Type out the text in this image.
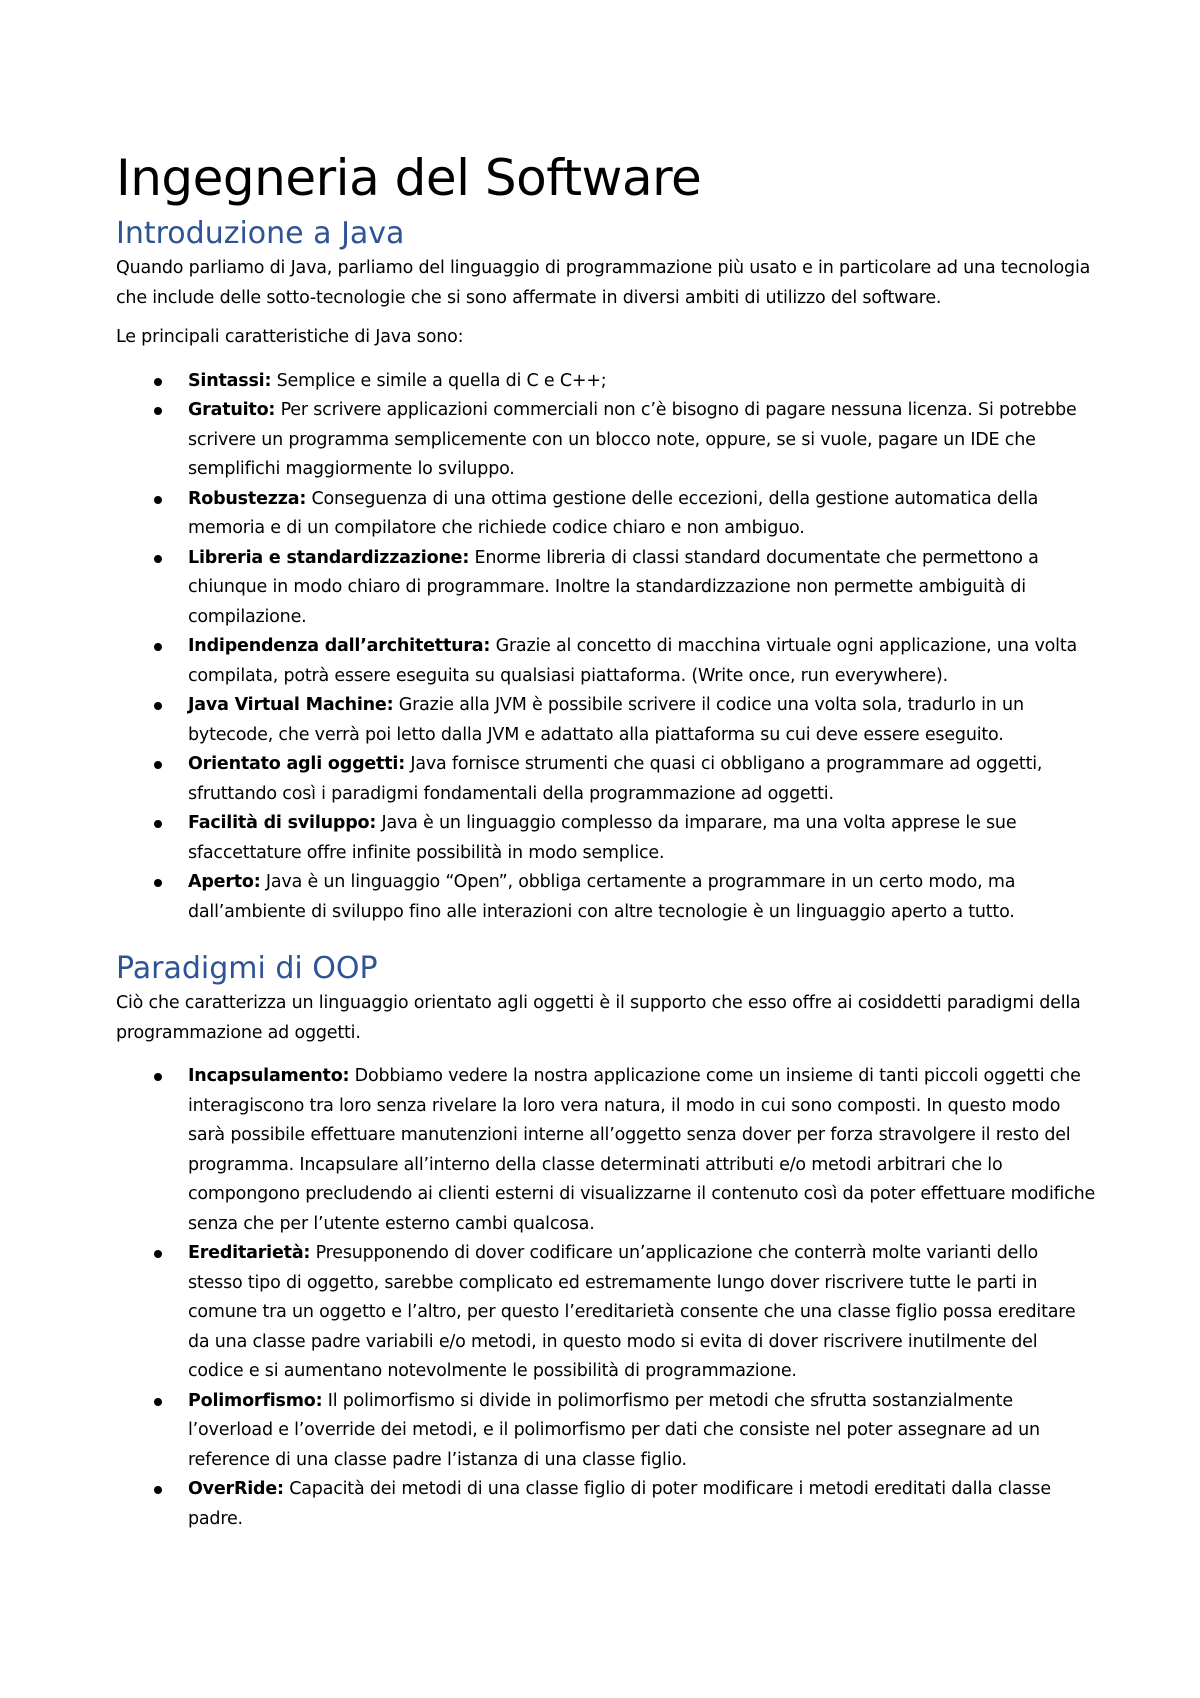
Ingegneria del Software
Introduzione a Java

Quando parliamo di Java, parliamo del linguaggio di programmazione più usato e in particolare ad una tecnologia che include delle sotto-tecnologie che si sono affermate in diversi ambiti di utilizzo del software.

Le principali caratteristiche di Java sono:

Sintassi: Semplice e simile a quella di C e C++;
Gratuito: Per scrivere applicazioni commerciali non c’è bisogno di pagare nessuna licenza. Si potrebbe scrivere un programma semplicemente con un blocco note, oppure, se si vuole, pagare un IDE che semplifichi maggiormente lo sviluppo.
Robustezza: Conseguenza di una ottima gestione delle eccezioni, della gestione automatica della memoria e di un compilatore che richiede codice chiaro e non ambiguo.
Libreria e standardizzazione: Enorme libreria di classi standard documentate che permettono a chiunque in modo chiaro di programmare. Inoltre la standardizzazione non permette ambiguità di compilazione.
Indipendenza dall’architettura: Grazie al concetto di macchina virtuale ogni applicazione, una volta compilata, potrà essere eseguita su qualsiasi piattaforma. (Write once, run everywhere).
Java Virtual Machine: Grazie alla JVM è possibile scrivere il codice una volta sola, tradurlo in un bytecode, che verrà poi letto dalla JVM e adattato alla piattaforma su cui deve essere eseguito.
Orientato agli oggetti: Java fornisce strumenti che quasi ci obbligano a programmare ad oggetti, sfruttando così i paradigmi fondamentali della programmazione ad oggetti.
Facilità di sviluppo: Java è un linguaggio complesso da imparare, ma una volta apprese le sue sfaccettature offre infinite possibilità in modo semplice.
Aperto: Java è un linguaggio “Open”, obbliga certamente a programmare in un certo modo, ma dall’ambiente di sviluppo fino alle interazioni con altre tecnologie è un linguaggio aperto a tutto.
Paradigmi di OOP

Ciò che caratterizza un linguaggio orientato agli oggetti è il supporto che esso offre ai cosiddetti paradigmi della programmazione ad oggetti.

Incapsulamento: Dobbiamo vedere la nostra applicazione come un insieme di tanti piccoli oggetti che interagiscono tra loro senza rivelare la loro vera natura, il modo in cui sono composti. In questo modo sarà possibile effettuare manutenzioni interne all’oggetto senza dover per forza stravolgere il resto del programma. Incapsulare all’interno della classe determinati attributi e/o metodi arbitrari che lo compongono precludendo ai clienti esterni di visualizzarne il contenuto così da poter effettuare modifiche senza che per l’utente esterno cambi qualcosa.
Ereditarietà: Presupponendo di dover codificare un’applicazione che conterrà molte varianti dello stesso tipo di oggetto, sarebbe complicato ed estremamente lungo dover riscrivere tutte le parti in comune tra un oggetto e l’altro, per questo l’ereditarietà consente che una classe figlio possa ereditare da una classe padre variabili e/o metodi, in questo modo si evita di dover riscrivere inutilmente del codice e si aumentano notevolmente le possibilità di programmazione.
Polimorfismo: Il polimorfismo si divide in polimorfismo per metodi che sfrutta sostanzialmente l’overload e l’override dei metodi, e il polimorfismo per dati che consiste nel poter assegnare ad un reference di una classe padre l’istanza di una classe figlio.
OverRide: Capacità dei metodi di una classe figlio di poter modificare i metodi ereditati dalla classe padre.
